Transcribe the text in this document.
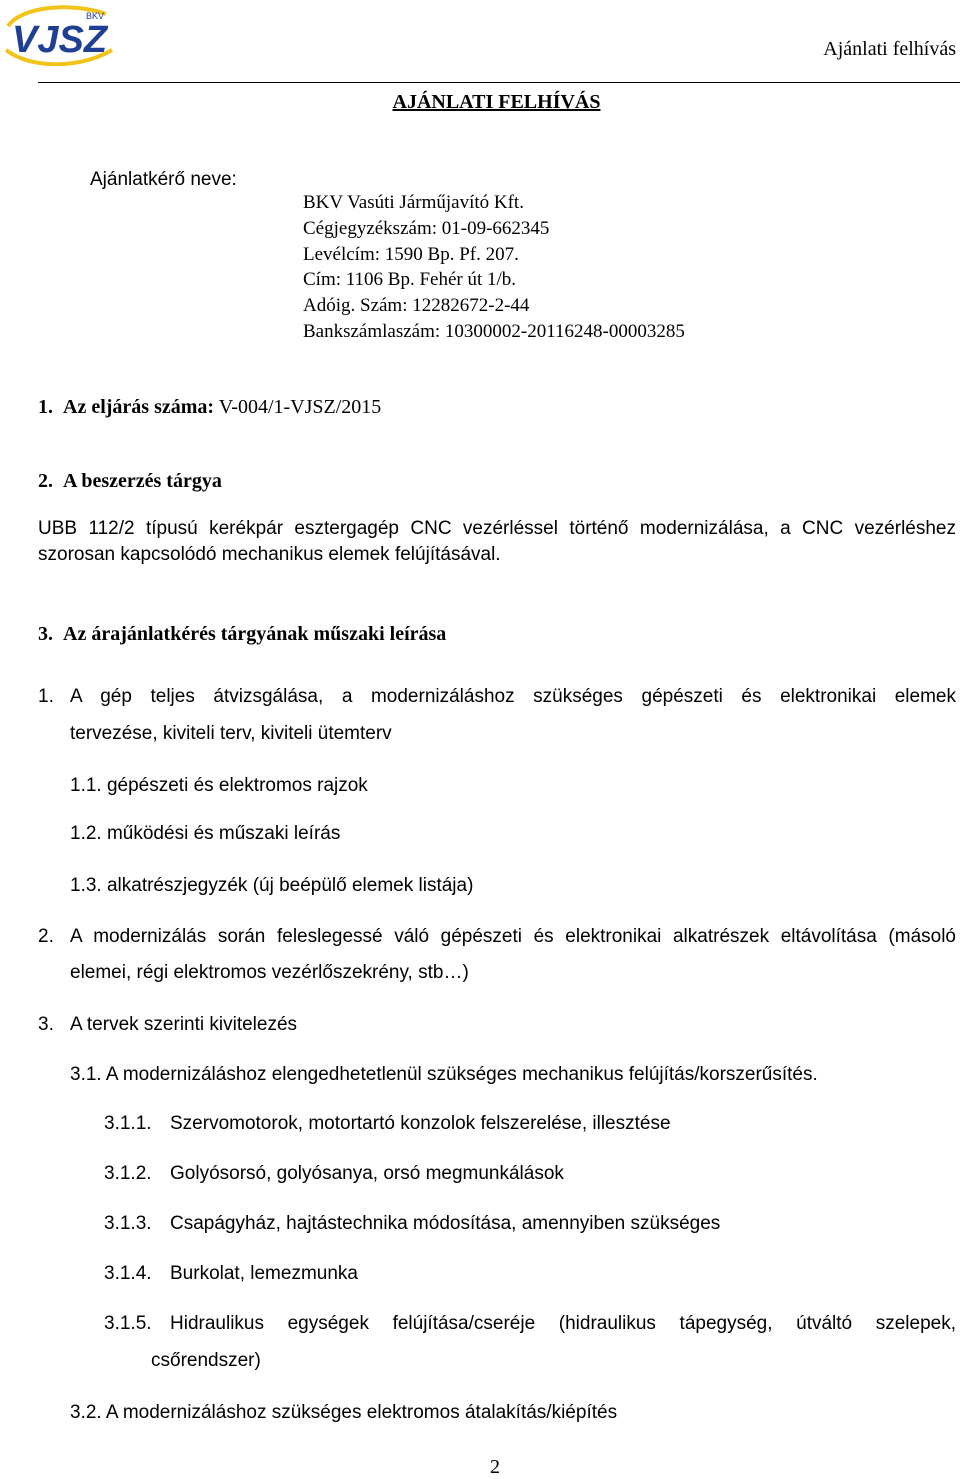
VJSZ
BKV
Ajánlati felhívás
AJÁNLATI FELHÍVÁS
Ajánlatkérő neve:
BKV Vasúti Járműjavító Kft.
Cégjegyzékszám: 01-09-662345
Levélcím: 1590 Bp. Pf. 207.
Cím: 1106 Bp. Fehér út 1/b.
Adóig. Szám: 12282672-2-44
Bankszámlaszám: 10300002-20116248-00003285
1. Az eljárás száma: V-004/1-VJSZ/2015
2. A beszerzés tárgya
UBB 112/2 típusú kerékpár esztergagép CNC vezérléssel történő modernizálása, a CNC vezérléshez
szorosan kapcsolódó mechanikus elemek felújításával.
3. Az árajánlatkérés tárgyának műszaki leírása
1. A gép teljes átvizsgálása, a modernizáláshoz szükséges gépészeti és elektronikai elemek
tervezése, kiviteli terv, kiviteli ütemterv
1.1. gépészeti és elektromos rajzok
1.2. működési és műszaki leírás
1.3. alkatrészjegyzék (új beépülő elemek listája)
2. A modernizálás során feleslegessé váló gépészeti és elektronikai alkatrészek eltávolítása (másoló
elemei, régi elektromos vezérlőszekrény, stb…)
3. A tervek szerinti kivitelezés
3.1. A modernizáláshoz elengedhetetlenül szükséges mechanikus felújítás/korszerűsítés.
3.1.1. Szervomotorok, motortartó konzolok felszerelése, illesztése
3.1.2. Golyósorsó, golyósanya, orsó megmunkálások
3.1.3. Csapágyház, hajtástechnika módosítása, amennyiben szükséges
3.1.4. Burkolat, lemezmunka
3.1.5. Hidraulikus egységek felújítása/cseréje (hidraulikus tápegység, útváltó szelepek,
csőrendszer)
3.2. A modernizáláshoz szükséges elektromos átalakítás/kiépítés
2
